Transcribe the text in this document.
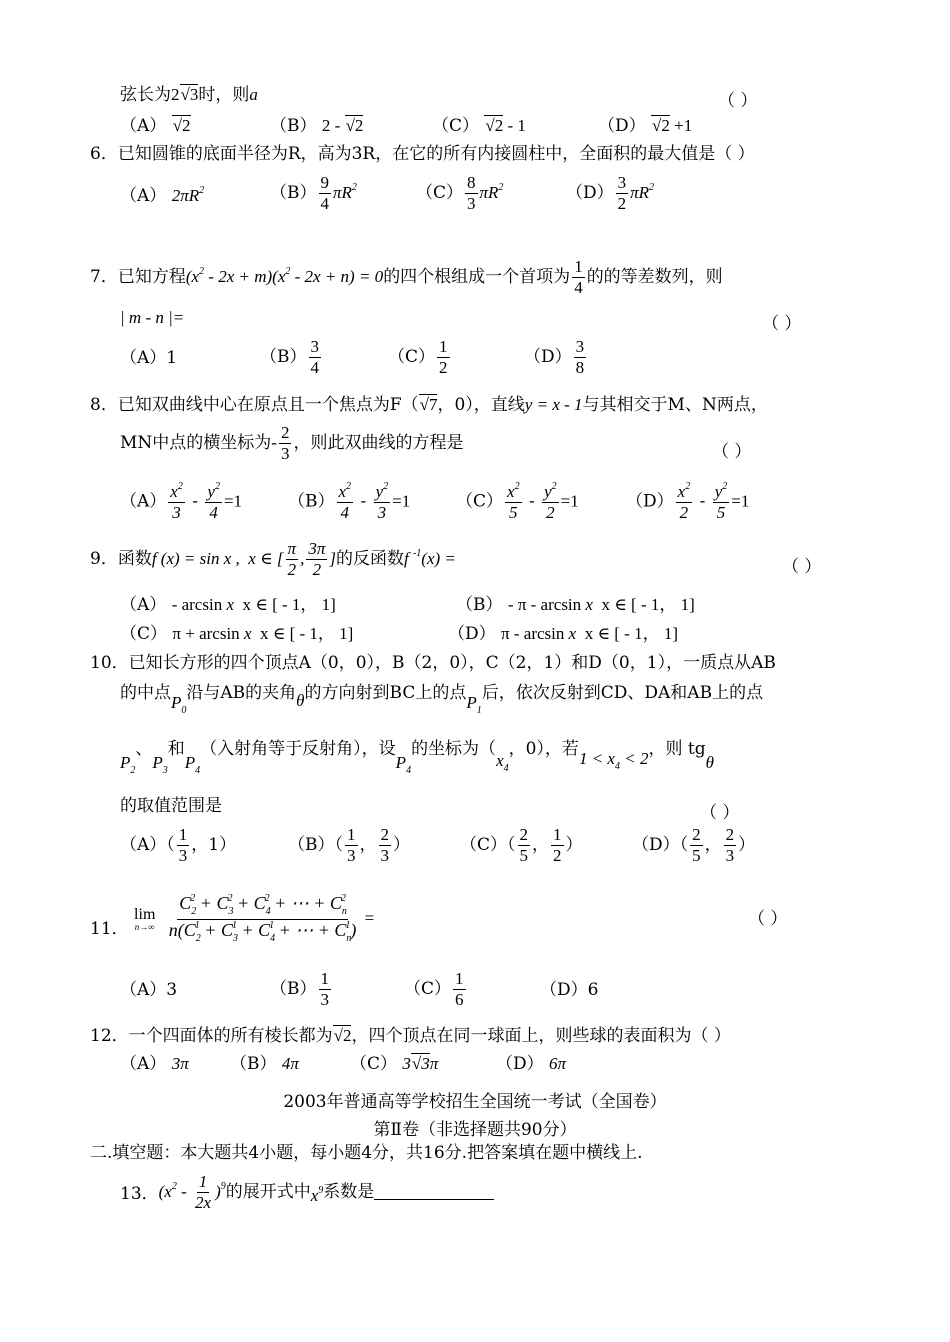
弦长为2√3时，则a	（ ）
（A） √2	（B） 2 - √2	（C） √2 - 1	（D） √2 +1
6．已知圆锥的底面半径为R，高为3R，在它的所有内接圆柱中，全面积的最大值是（ ）
（A） $2\pi R^2$	$(B) \frac{9}{4} \pi R^2$	$(C) \frac{8}{3} \pi R^2$	$(D) \frac{3}{2} \pi R^2$
7．已知方程$(x^2 - 2x + m)(x^2 - 2x + n) = 0$的四个根组成一个首项为 $\frac{1}{4}$ 的的等差数列，则
| m - n |=	（ ）
（A）1	$(B) \frac{3}{4}$	$(C) \frac{1}{2}$	$(D) \frac{3}{8}$
8．已知双曲线中心在原点且一个焦点为F（√7，0），直线y = x - 1与其相交于M、N两点，
MN中点的横坐标为- $\frac{2}{3}$ ，则此双曲线的方程是	（ ）
$(A) \frac{x^2}{3} - \frac{y^2}{4} =1$	$(B) \frac{x^2}{4} - \frac{y^2}{3} =1$	$(C) \frac{x^2}{5} - \frac{y^2}{2} =1$	$(D) \frac{x^2}{2} - \frac{y^2}{5} =1$
9．函数f (x) = sin x ,  x ∈ [ $\frac{\pi}{2}$ , $\frac{3\pi}{2}$ ]的反函数f $^{-1}$(x) =	（ ）
（A） - arcsin x x ∈ [ - 1， 1]	（B） - π - arcsin x x ∈ [ - 1， 1]
（C） π + arcsin x x ∈ [ - 1， 1]	（D） π - arcsin x x ∈ [ - 1， 1]
10．已知长方形的四个顶点A（0，0），B（2，0），C（2，1）和D（0，1），一质点从AB
的中点$P_0$沿与AB的夹角θ的方向射到BC上的点$P_1$后，依次反射到CD、DA和AB上的点
$P_2$、$P_3$和$P_4$（入射角等于反射角），设$P_4$的坐标为（$x_4$，0），若$1 < x_4 < 2$，则 tgθ
的取值范围是	（ ）
$(A)( \frac{1}{3}$ ，1）	$(B)( \frac{1}{3}$ ， $\frac{2}{3}$ ）	$(C)( \frac{2}{5}$ ， $\frac{1}{2}$ ）	$(D)( \frac{2}{5}$ ， $\frac{2}{3}$ ）
11．
lim
n→∞
$\frac{C_2^2 + C_3^2 + C_4^2 + \cdots + C_n^2}{n(C_2^1 + C_3^1 + C_4^1 + \cdots + C_n^1)}$ =	（ ）
（A）3	$(B) \frac{1}{3}$	$(C) \frac{1}{6}$	（D）6
12．一个四面体的所有棱长都为√2，四个顶点在同一球面上，则些球的表面积为（ ）
（A） 3π （B） 4π	（C） 3√3π	（D） 6π
2003年普通高等学校招生全国统一考试（全国卷）
第Ⅱ卷（非选择题共90分）
二.填空题：本大题共4小题，每小题4分，共16分.把答案填在题中横线上.
13．$(x^2 - \frac{1}{2x} )^9$的展开式中$x^9$系数是
